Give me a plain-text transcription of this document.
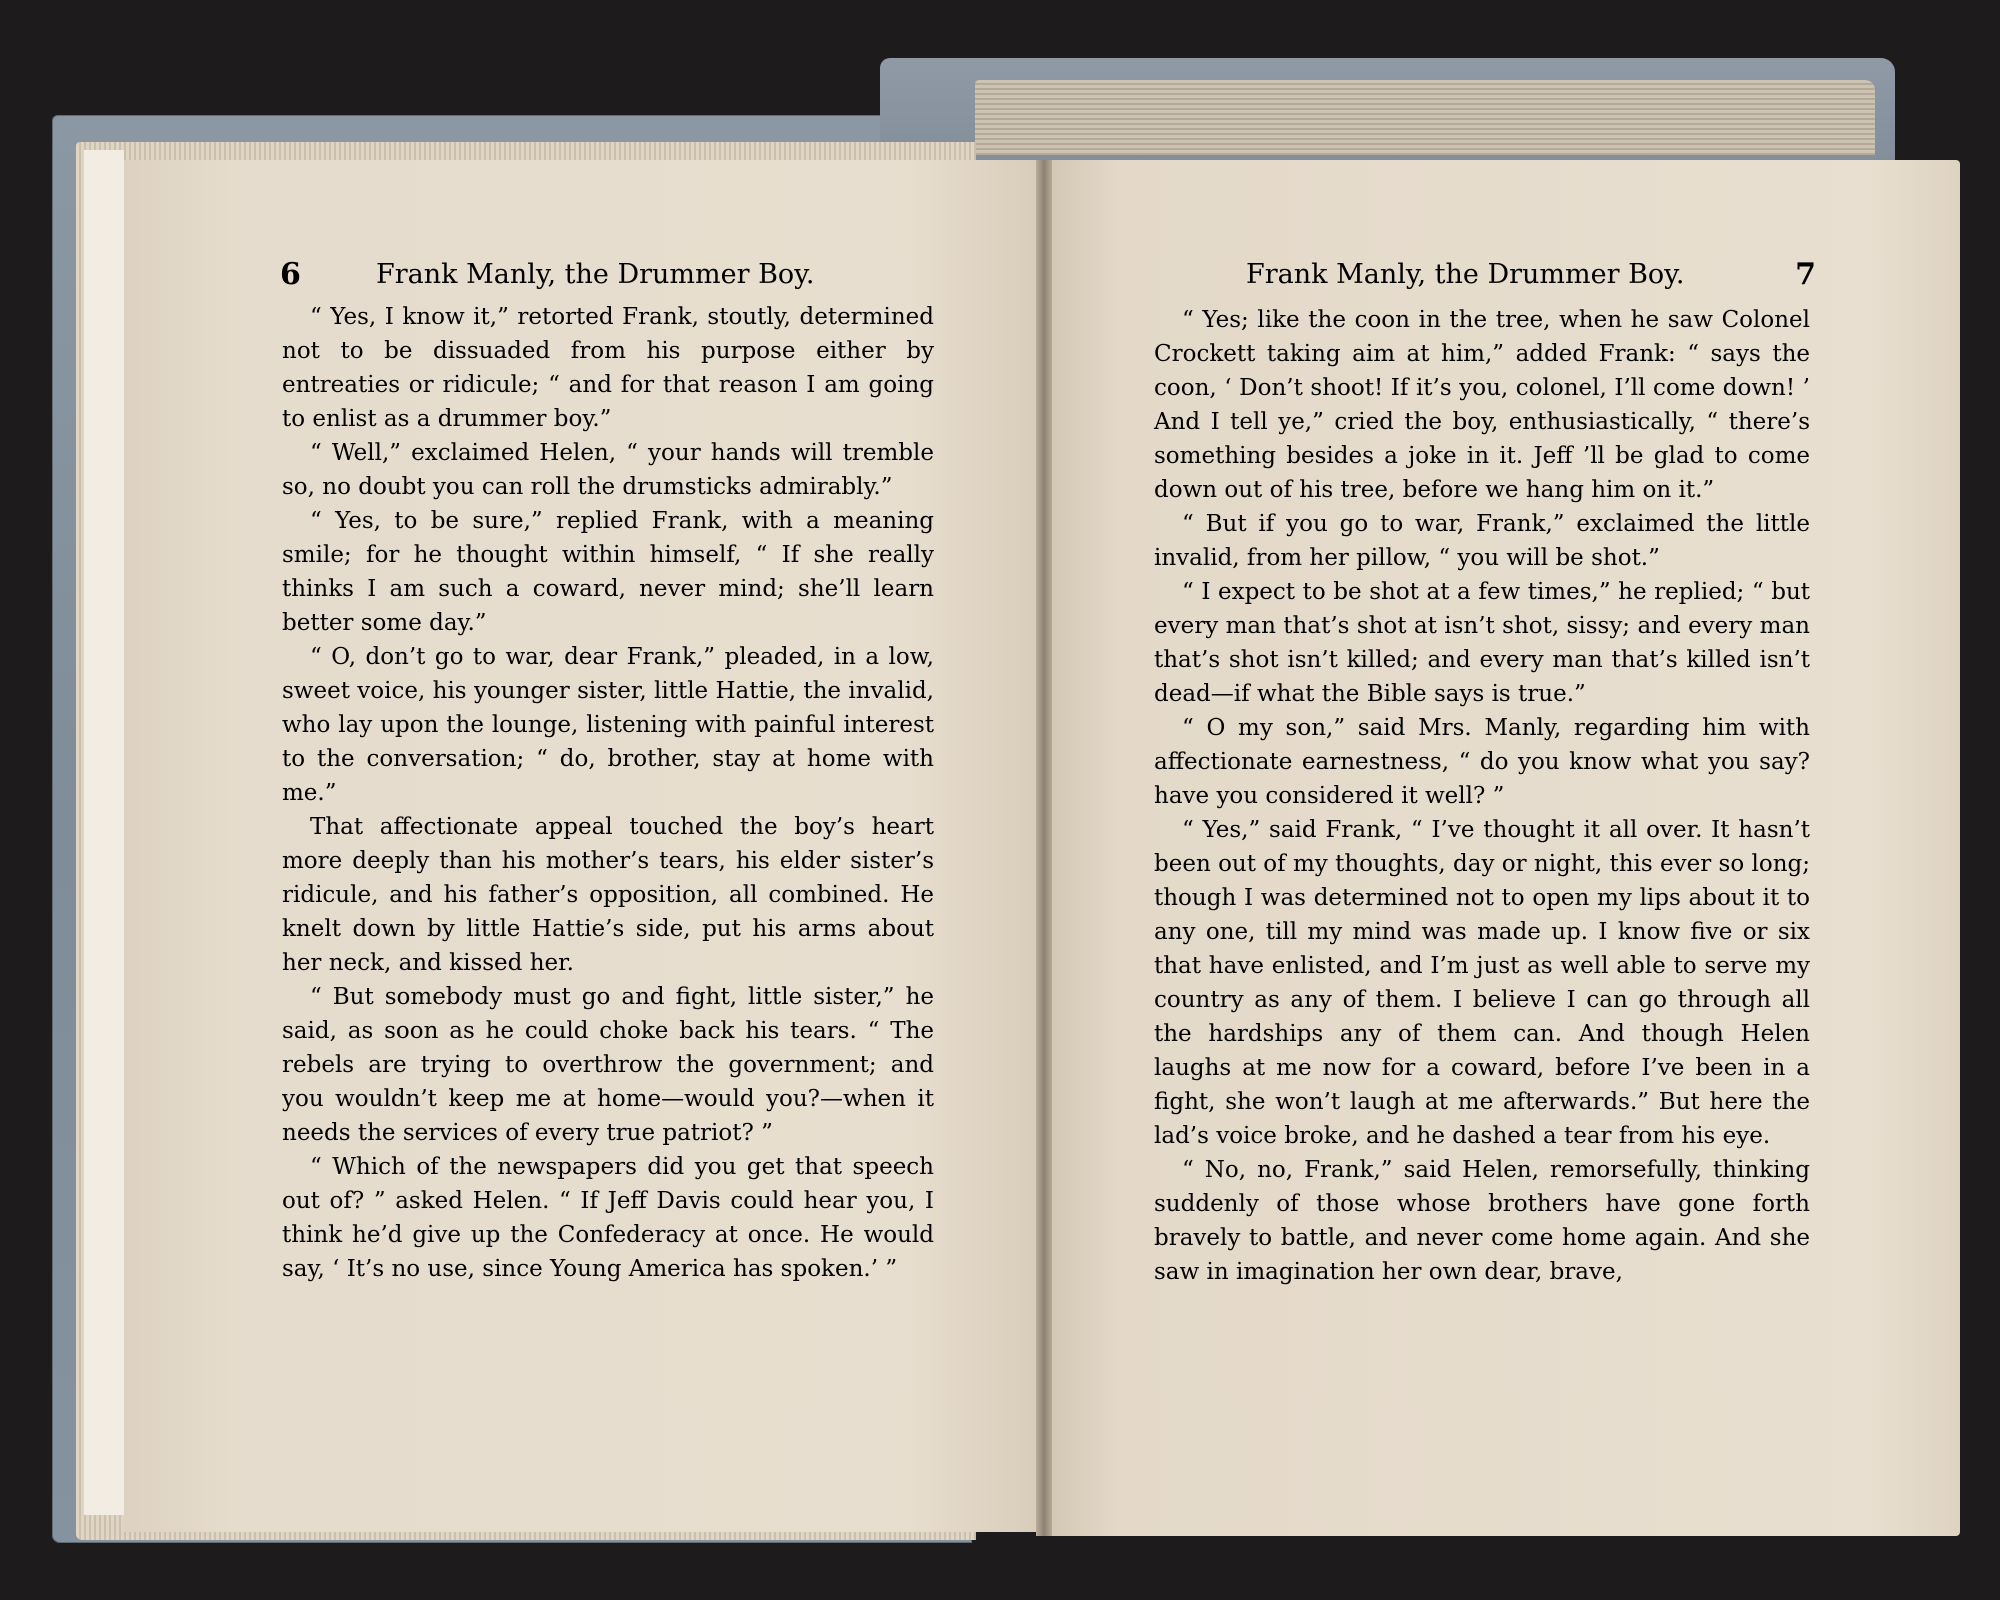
6	Frank Manly, the Drummer Boy.	Frank Manly, the Drummer Boy.	7

“ Yes, I know it,” retorted Frank, stoutly, determined not to be dissuaded from his purpose either by entreaties or ridicule; “ and for that reason I am going to enlist as a drummer boy.”

“ Well,” exclaimed Helen, “ your hands will tremble so, no doubt you can roll the drumsticks admirably.”

“ Yes, to be sure,” replied Frank, with a meaning smile; for he thought within himself, “ If she really thinks I am such a coward, never mind; she’ll learn better some day.”

“ O, don’t go to war, dear Frank,” pleaded, in a low, sweet voice, his younger sister, little Hattie, the invalid, who lay upon the lounge, listening with painful interest to the conversation; “ do, brother, stay at home with me.”

That affectionate appeal touched the boy’s heart more deeply than his mother’s tears, his elder sister’s ridicule, and his father’s opposition, all combined. He knelt down by little Hattie’s side, put his arms about her neck, and kissed her.

“ But somebody must go and fight, little sister,” he said, as soon as he could choke back his tears. “ The rebels are trying to overthrow the government; and you wouldn’t keep me at home—would you?—when it needs the services of every true patriot? ”

“ Which of the newspapers did you get that speech out of? ” asked Helen. “ If Jeff Davis could hear you, I think he’d give up the Confederacy at once. He would say, ‘ It’s no use, since Young America has spoken.’ ”

“ Yes; like the coon in the tree, when he saw Colonel Crockett taking aim at him,” added Frank: “ says the coon, ‘ Don’t shoot! If it’s you, colonel, I’ll come down! ’ And I tell ye,” cried the boy, enthusiastically, “ there’s something besides a joke in it. Jeff ’ll be glad to come down out of his tree, before we hang him on it.”

“ But if you go to war, Frank,” exclaimed the little invalid, from her pillow, “ you will be shot.”

“ I expect to be shot at a few times,” he replied; “ but every man that’s shot at isn’t shot, sissy; and every man that’s shot isn’t killed; and every man that’s killed isn’t dead—if what the Bible says is true.”

“ O my son,” said Mrs. Manly, regarding him with affectionate earnestness, “ do you know what you say? have you considered it well? ”

“ Yes,” said Frank, “ I’ve thought it all over. It hasn’t been out of my thoughts, day or night, this ever so long; though I was determined not to open my lips about it to any one, till my mind was made up. I know five or six that have enlisted, and I’m just as well able to serve my country as any of them. I believe I can go through all the hardships any of them can. And though Helen laughs at me now for a coward, before I’ve been in a fight, she won’t laugh at me afterwards.” But here the lad’s voice broke, and he dashed a tear from his eye.

“ No, no, Frank,” said Helen, remorsefully, thinking suddenly of those whose brothers have gone forth bravely to battle, and never come home again. And she saw in imagination her own dear, brave,
